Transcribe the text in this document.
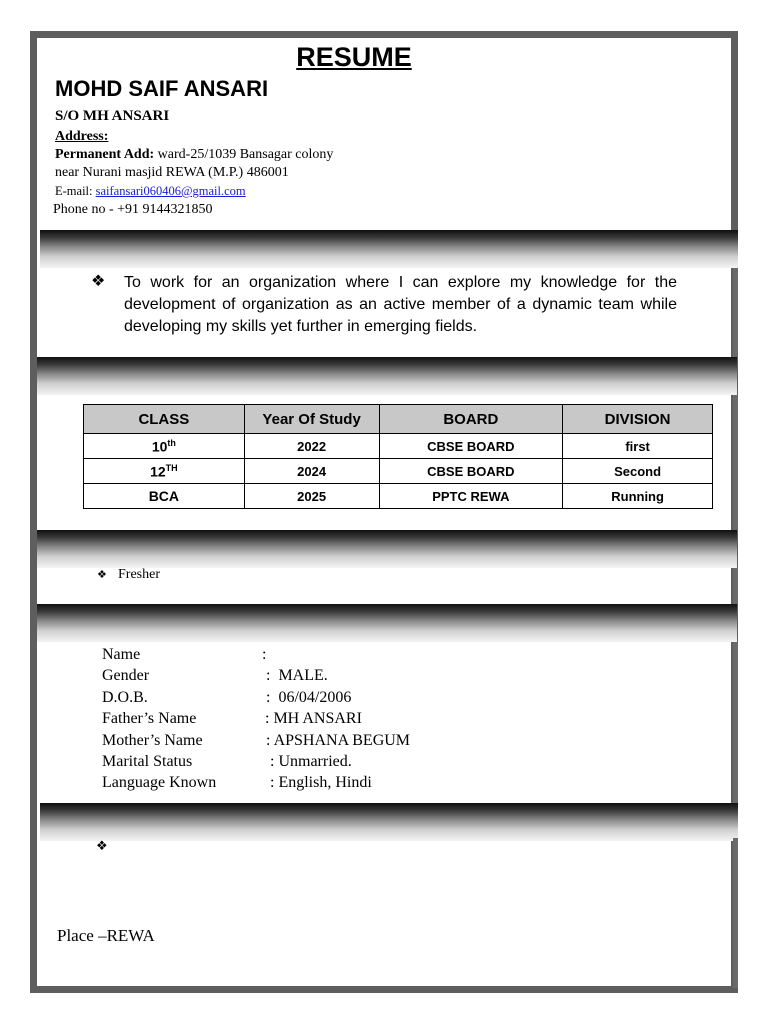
RESUME
MOHD SAIF ANSARI
S/O MH ANSARI
Address:
Permanent Add: ward-25/1039 Bansagar colony
near Nurani masjid REWA (M.P.) 486001
E-mail: saifansari060406@gmail.com
Phone no - +91 9144321850
❖ To work for an organization where I can explore my knowledge for the development of organization as an active member of a dynamic team while developing my skills yet further in emerging fields.
CLASS	Year Of Study	BOARD	DIVISION
10th	2022	CBSE BOARD	first
12TH	2024	CBSE BOARD	Second
BCA	2025	PPTC REWA	Running
❖ Fresher
Name	:
Gender	:  MALE.
D.O.B.	:  06/04/2006
Father’s Name	: MH ANSARI
Mother’s Name	: APSHANA BEGUM
Marital Status	: Unmarried.
Language Known	: English, Hindi
❖
Place –REWA
